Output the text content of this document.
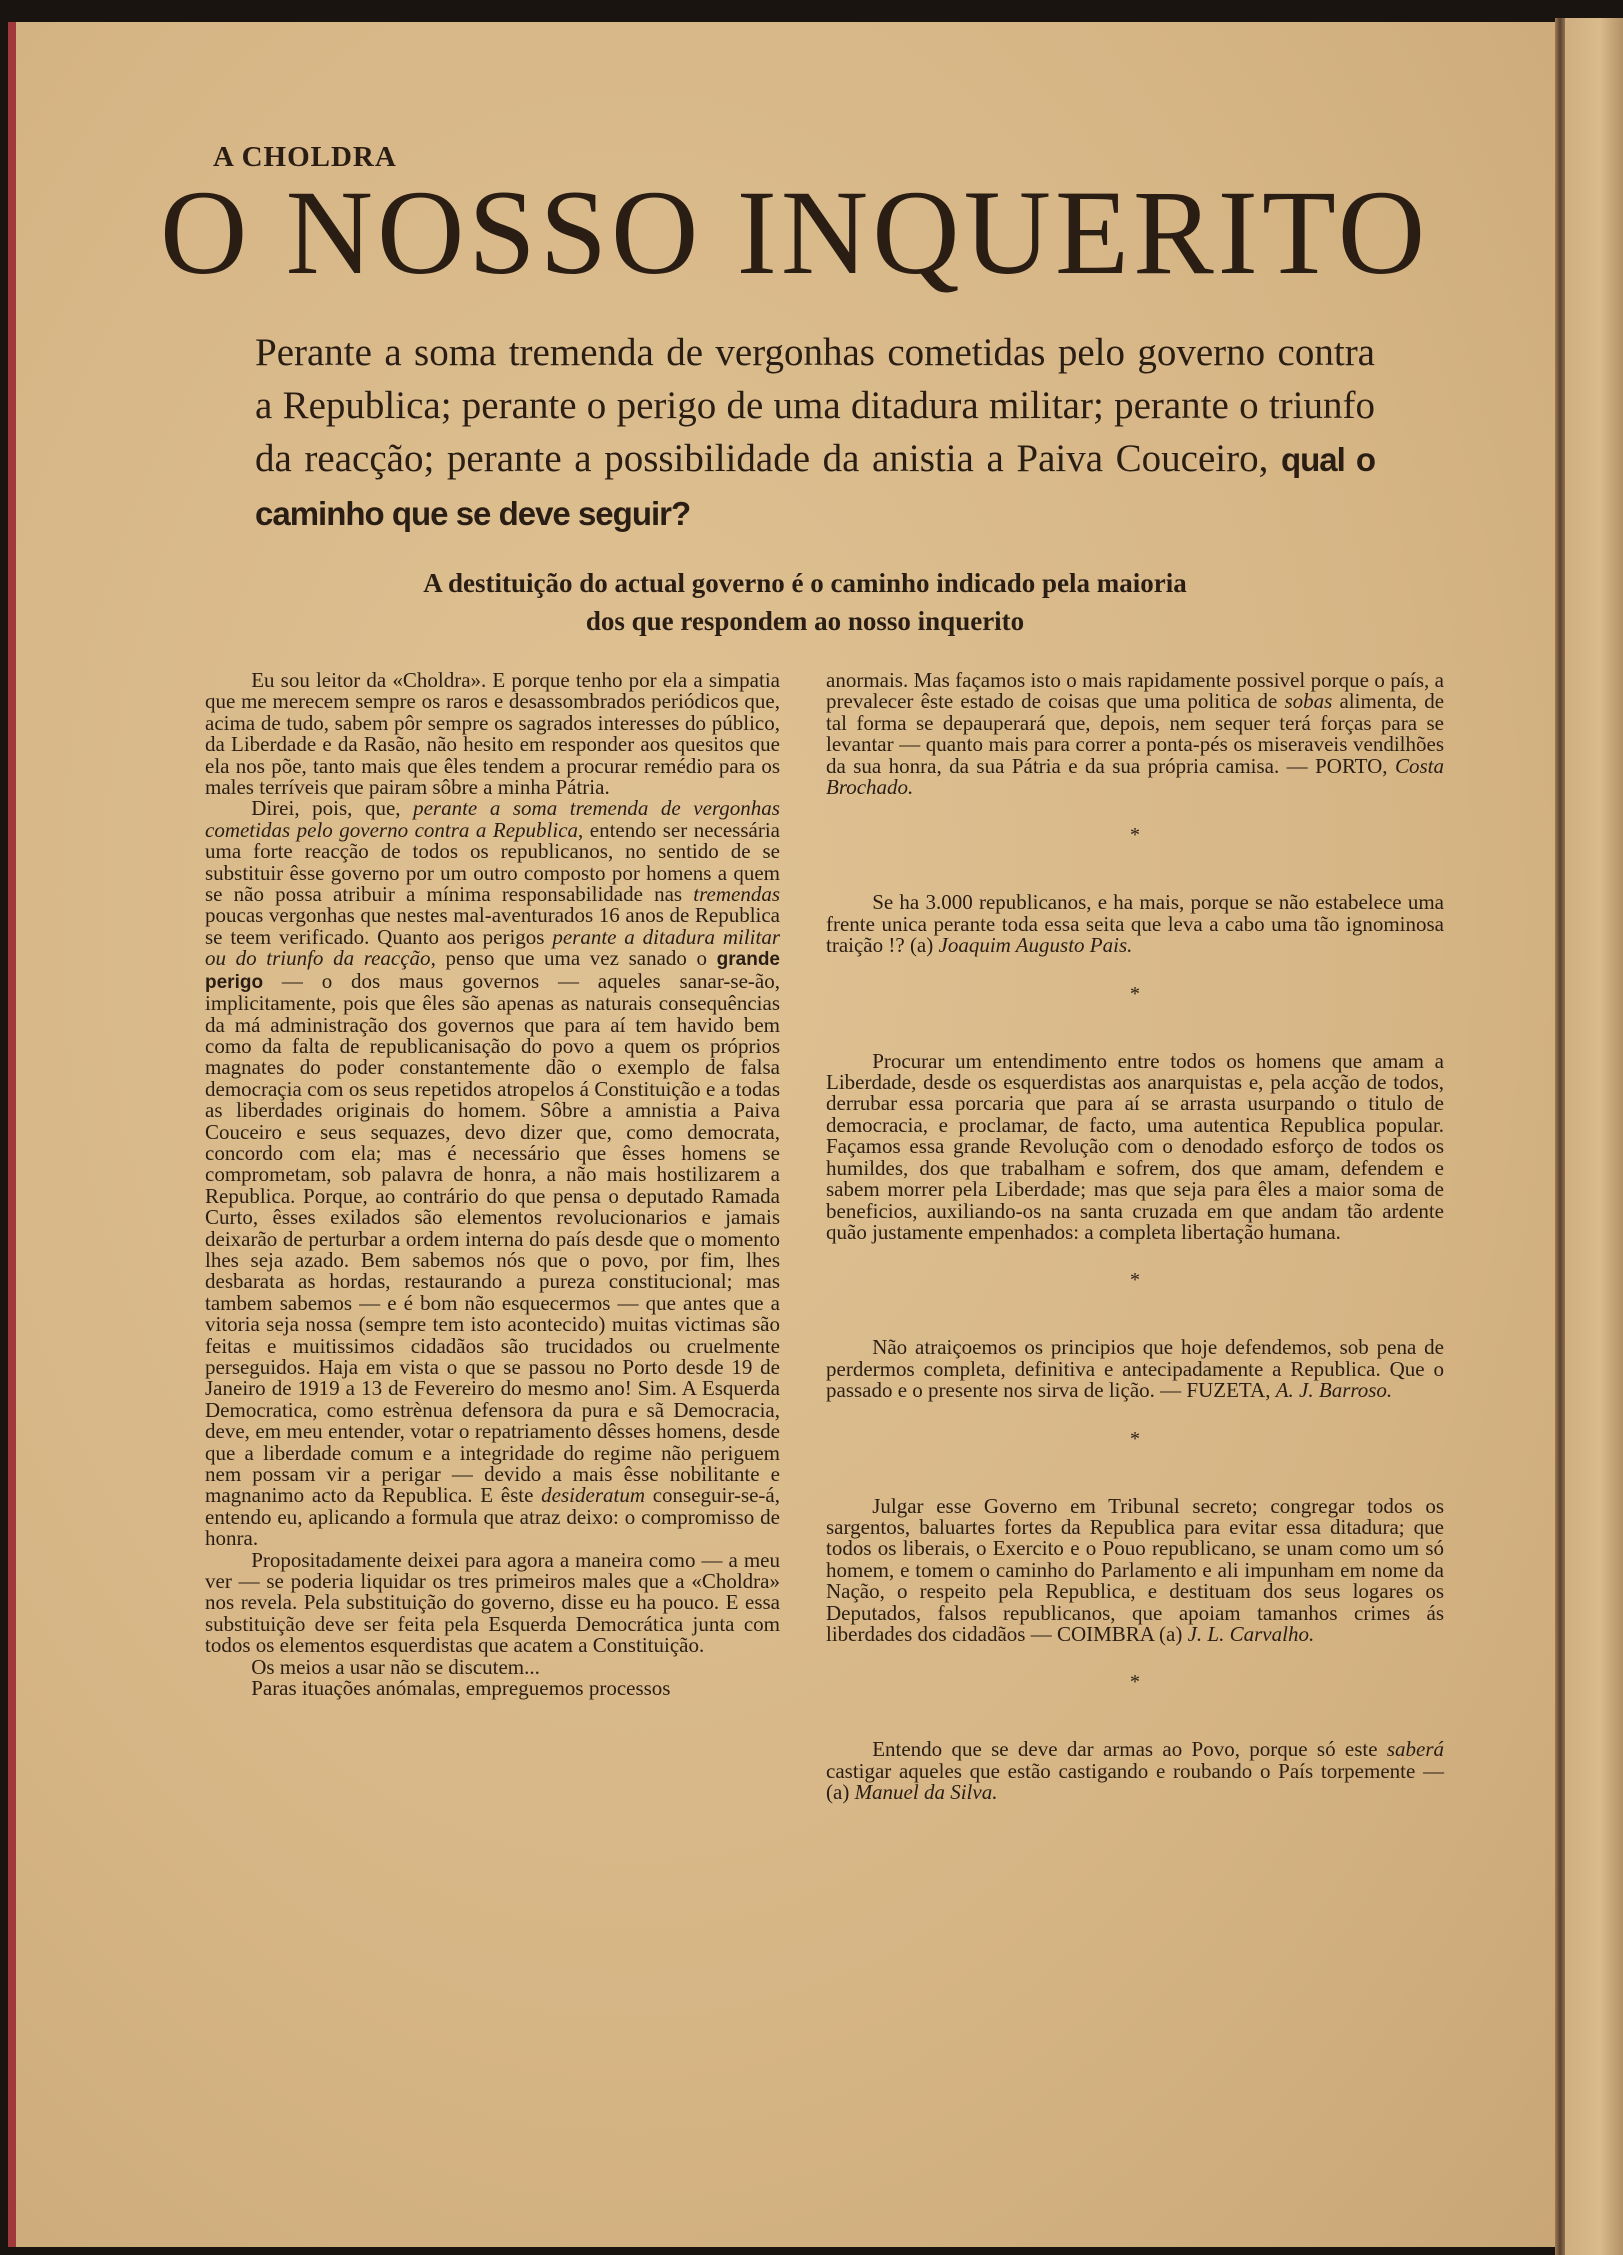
A CHOLDRA
O NOSSO INQUERITO
Perante a soma tremenda de vergonhas cometidas pelo governo contra a Republica; perante o perigo de uma ditadura militar; perante o triunfo da reacção; perante a possibilidade da anistia a Paiva Couceiro, qual o caminho que se deve seguir?
A destituição do actual governo é o caminho indicado pela maioria
dos que respondem ao nosso inquerito

Eu sou leitor da «Choldra». E porque tenho por ela a simpatia que me merecem sempre os raros e desassombrados periódicos que, acima de tudo, sabem pôr sempre os sagrados interesses do público, da Liberdade e da Rasão, não hesito em responder aos quesitos que ela nos põe, tanto mais que êles tendem a procurar remédio para os males terríveis que pairam sôbre a minha Pátria.

Direi, pois, que, perante a soma tremenda de vergonhas cometidas pelo governo contra a Republica, entendo ser necessária uma forte reacção de todos os republicanos, no sentido de se substituir êsse governo por um outro composto por homens a quem se não possa atribuir a mínima responsabilidade nas tremendas poucas vergonhas que nestes mal-aventurados 16 anos de Republica se teem verificado. Quanto aos perigos perante a ditadura militar ou do triunfo da reacção, penso que uma vez sanado o grande perigo — o dos maus governos — aqueles sanar-se-ão, implicitamente, pois que êles são apenas as naturais consequências da má administração dos governos que para aí tem havido bem como da falta de republicanisação do povo a quem os próprios magnates do poder constantemente dão o exemplo de falsa democraçia com os seus repetidos atropelos á Constituição e a todas as liberdades originais do homem. Sôbre a amnistia a Paiva Couceiro e seus sequazes, devo dizer que, como democrata, concordo com ela; mas é necessário que êsses homens se comprometam, sob palavra de honra, a não mais hostilizarem a Republica. Porque, ao contrário do que pensa o deputado Ramada Curto, êsses exilados são elementos revolucionarios e jamais deixarão de perturbar a ordem interna do país desde que o momento lhes seja azado. Bem sabemos nós que o povo, por fim, lhes desbarata as hordas, restaurando a pureza constitucional; mas tambem sabemos — e é bom não esquecermos — que antes que a vitoria seja nossa (sempre tem isto acontecido) muitas victimas são feitas e muitissimos cidadãos são trucidados ou cruelmente perseguidos. Haja em vista o que se passou no Porto desde 19 de Janeiro de 1919 a 13 de Fevereiro do mesmo ano! Sim. A Esquerda Democratica, como estrènua defensora da pura e sã Democracia, deve, em meu entender, votar o repatriamento dêsses homens, desde que a liberdade comum e a integridade do regime não periguem nem possam vir a perigar — devido a mais êsse nobilitante e magnanimo acto da Republica. E êste desideratum conseguir-se-á, entendo eu, aplicando a formula que atraz deixo: o compromisso de honra.

Propositadamente deixei para agora a maneira como — a meu ver — se poderia liquidar os tres primeiros males que a «Choldra» nos revela. Pela substituição do governo, disse eu ha pouco. E essa substituição deve ser feita pela Esquerda Democrática junta com todos os elementos esquerdistas que acatem a Constituição.

Os meios a usar não se discutem...

Paras ituações anómalas, empreguemos processos

anormais. Mas façamos isto o mais rapidamente possivel porque o país, a prevalecer êste estado de coisas que uma politica de sobas alimenta, de tal forma se depauperará que, depois, nem sequer terá forças para se levantar — quanto mais para correr a ponta-pés os miseraveis vendilhões da sua honra, da sua Pátria e da sua própria camisa. — PORTO, Costa Brochado.

*

Se ha 3.000 republicanos, e ha mais, porque se não estabelece uma frente unica perante toda essa seita que leva a cabo uma tão ignominosa traição !? (a) Joaquim Augusto Pais.

*

Procurar um entendimento entre todos os homens que amam a Liberdade, desde os esquerdistas aos anarquistas e, pela acção de todos, derrubar essa porcaria que para aí se arrasta usurpando o titulo de democracia, e proclamar, de facto, uma autentica Republica popular. Façamos essa grande Revolução com o denodado esforço de todos os humildes, dos que trabalham e sofrem, dos que amam, defendem e sabem morrer pela Liberdade; mas que seja para êles a maior soma de beneficios, auxiliando-os na santa cruzada em que andam tão ardente quão justamente empenhados: a completa libertação humana.

*

Não atraiçoemos os principios que hoje defendemos, sob pena de perdermos completa, definitiva e antecipadamente a Republica. Que o passado e o presente nos sirva de lição. — FUZETA, A. J. Barroso.

*

Julgar esse Governo em Tribunal secreto; congregar todos os sargentos, baluartes fortes da Republica para evitar essa ditadura; que todos os liberais, o Exercito e o Pouo republicano, se unam como um só homem, e tomem o caminho do Parlamento e ali impunham em nome da Nação, o respeito pela Republica, e destituam dos seus logares os Deputados, falsos republicanos, que apoiam tamanhos crimes ás liberdades dos cidadãos — COIMBRA (a) J. L. Carvalho.

*

Entendo que se deve dar armas ao Povo, porque só este saberá castigar aqueles que estão castigando e roubando o País torpemente — (a) Manuel da Silva.
